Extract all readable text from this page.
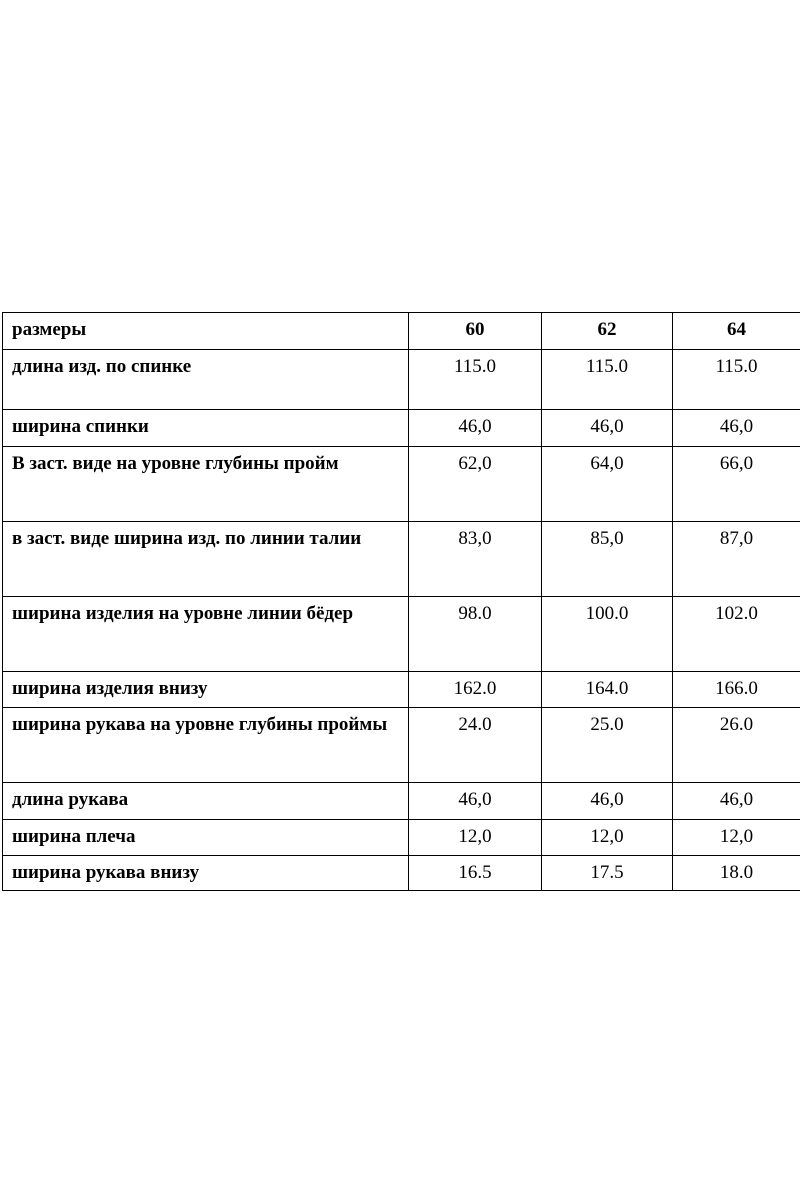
размеры	60	62	64
длина изд. по спинке	115.0	115.0	115.0
ширина спинки	46,0	46,0	46,0
В заст. виде на уровне глубины пройм	62,0	64,0	66,0
в заст. виде ширина изд. по линии талии	83,0	85,0	87,0
ширина изделия на уровне линии бёдер	98.0	100.0	102.0
ширина изделия внизу	162.0	164.0	166.0
ширина рукава на уровне глубины проймы	24.0	25.0	26.0
длина рукава	46,0	46,0	46,0
ширина плеча	12,0	12,0	12,0
ширина рукава внизу	16.5	17.5	18.0
